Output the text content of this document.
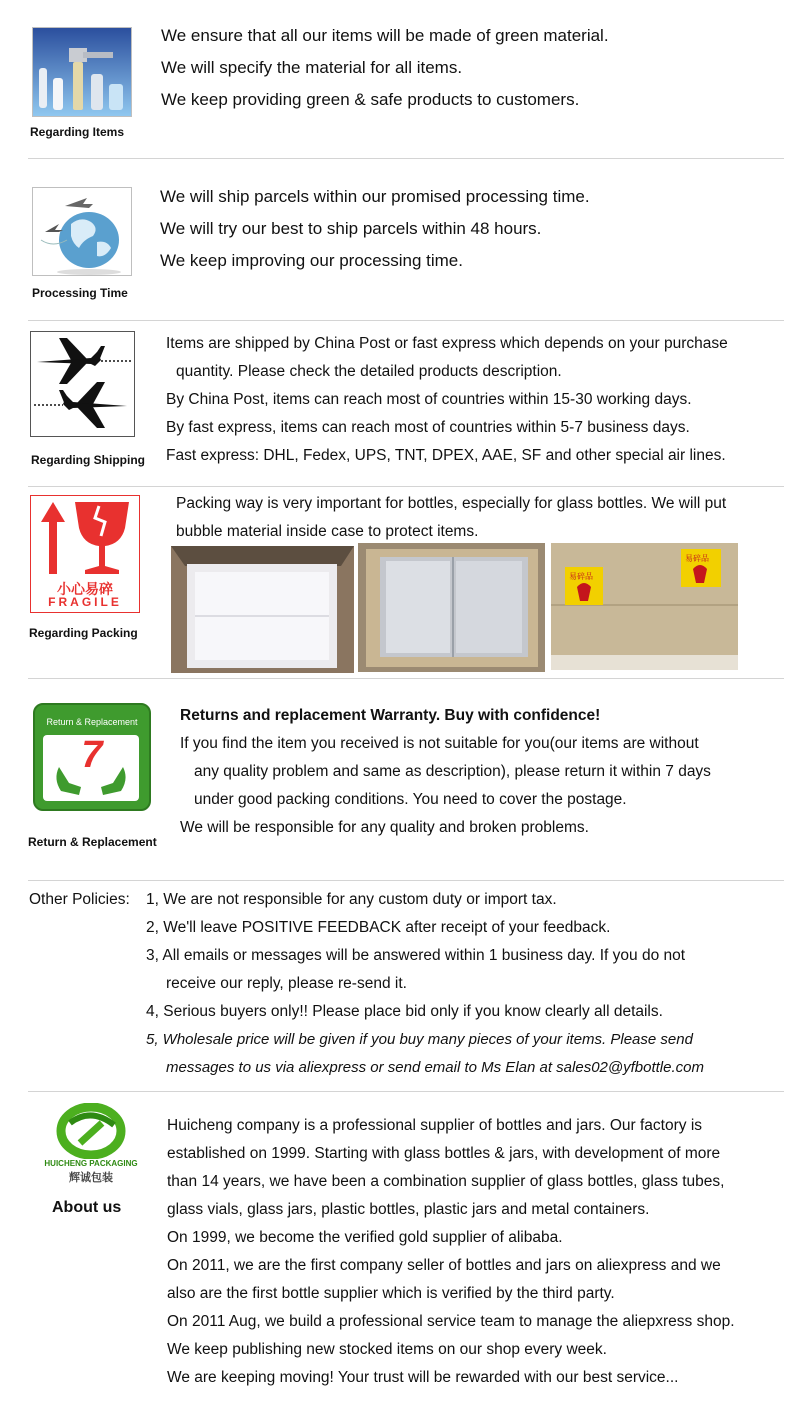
Regarding Items
We ensure that all our items will be made of green material.
We will specify the material for all items.
We keep providing green & safe products to customers.
Processing Time
We will ship parcels within our promised processing time.
We will try our best to ship parcels within 48 hours.
We keep improving our processing time.
Regarding Shipping
Items are shipped by China Post or fast express which depends on your purchase
quantity. Please check the detailed products description.
By China Post, items can reach most of countries within 15-30 working days.
By fast express, items can reach most of countries within 5-7 business days.
Fast express: DHL, Fedex, UPS, TNT, DPEX, AAE, SF and other special air lines.
小心易碎
FRAGILE
Regarding Packing
Packing way is very important for bottles, especially for glass bottles. We will put
bubble material inside case to protect items.
易碎品
易碎品
Return & Replacement
7
Return & Replacement
Returns and replacement Warranty. Buy with confidence!
If you find the item you received is not suitable for you(our items are without
any quality problem and same as description), please return it within 7 days
under good packing conditions. You need to cover the postage.
We will be responsible for any quality and broken problems.
Other Policies: 1, We are not responsible for any custom duty or import tax.
2, We'll leave POSITIVE FEEDBACK after receipt of your feedback.
3, All emails or messages will be answered within 1 business day. If you do not
receive our reply, please re-send it.
4, Serious buyers only!! Please place bid only if you know clearly all details.
5, Wholesale price will be given if you buy many pieces of your items. Please send
messages to us via aliexpress or send email to Ms Elan at sales02@yfbottle.com
HUICHENG PACKAGING
辉诚包装
About us
Huicheng company is a professional supplier of bottles and jars. Our factory is
established on 1999. Starting with glass bottles & jars, with development of more
than 14 years, we have been a combination supplier of glass bottles, glass tubes,
glass vials, glass jars, plastic bottles, plastic jars and metal containers.
On 1999, we become the verified gold supplier of alibaba.
On 2011, we are the first company seller of bottles and jars on aliexpress and we
also are the first bottle supplier which is verified by the third party.
On 2011 Aug, we build a professional service team to manage the aliepxress shop.
We keep publishing new stocked items on our shop every week.
We are keeping moving! Your trust will be rewarded with our best service...
